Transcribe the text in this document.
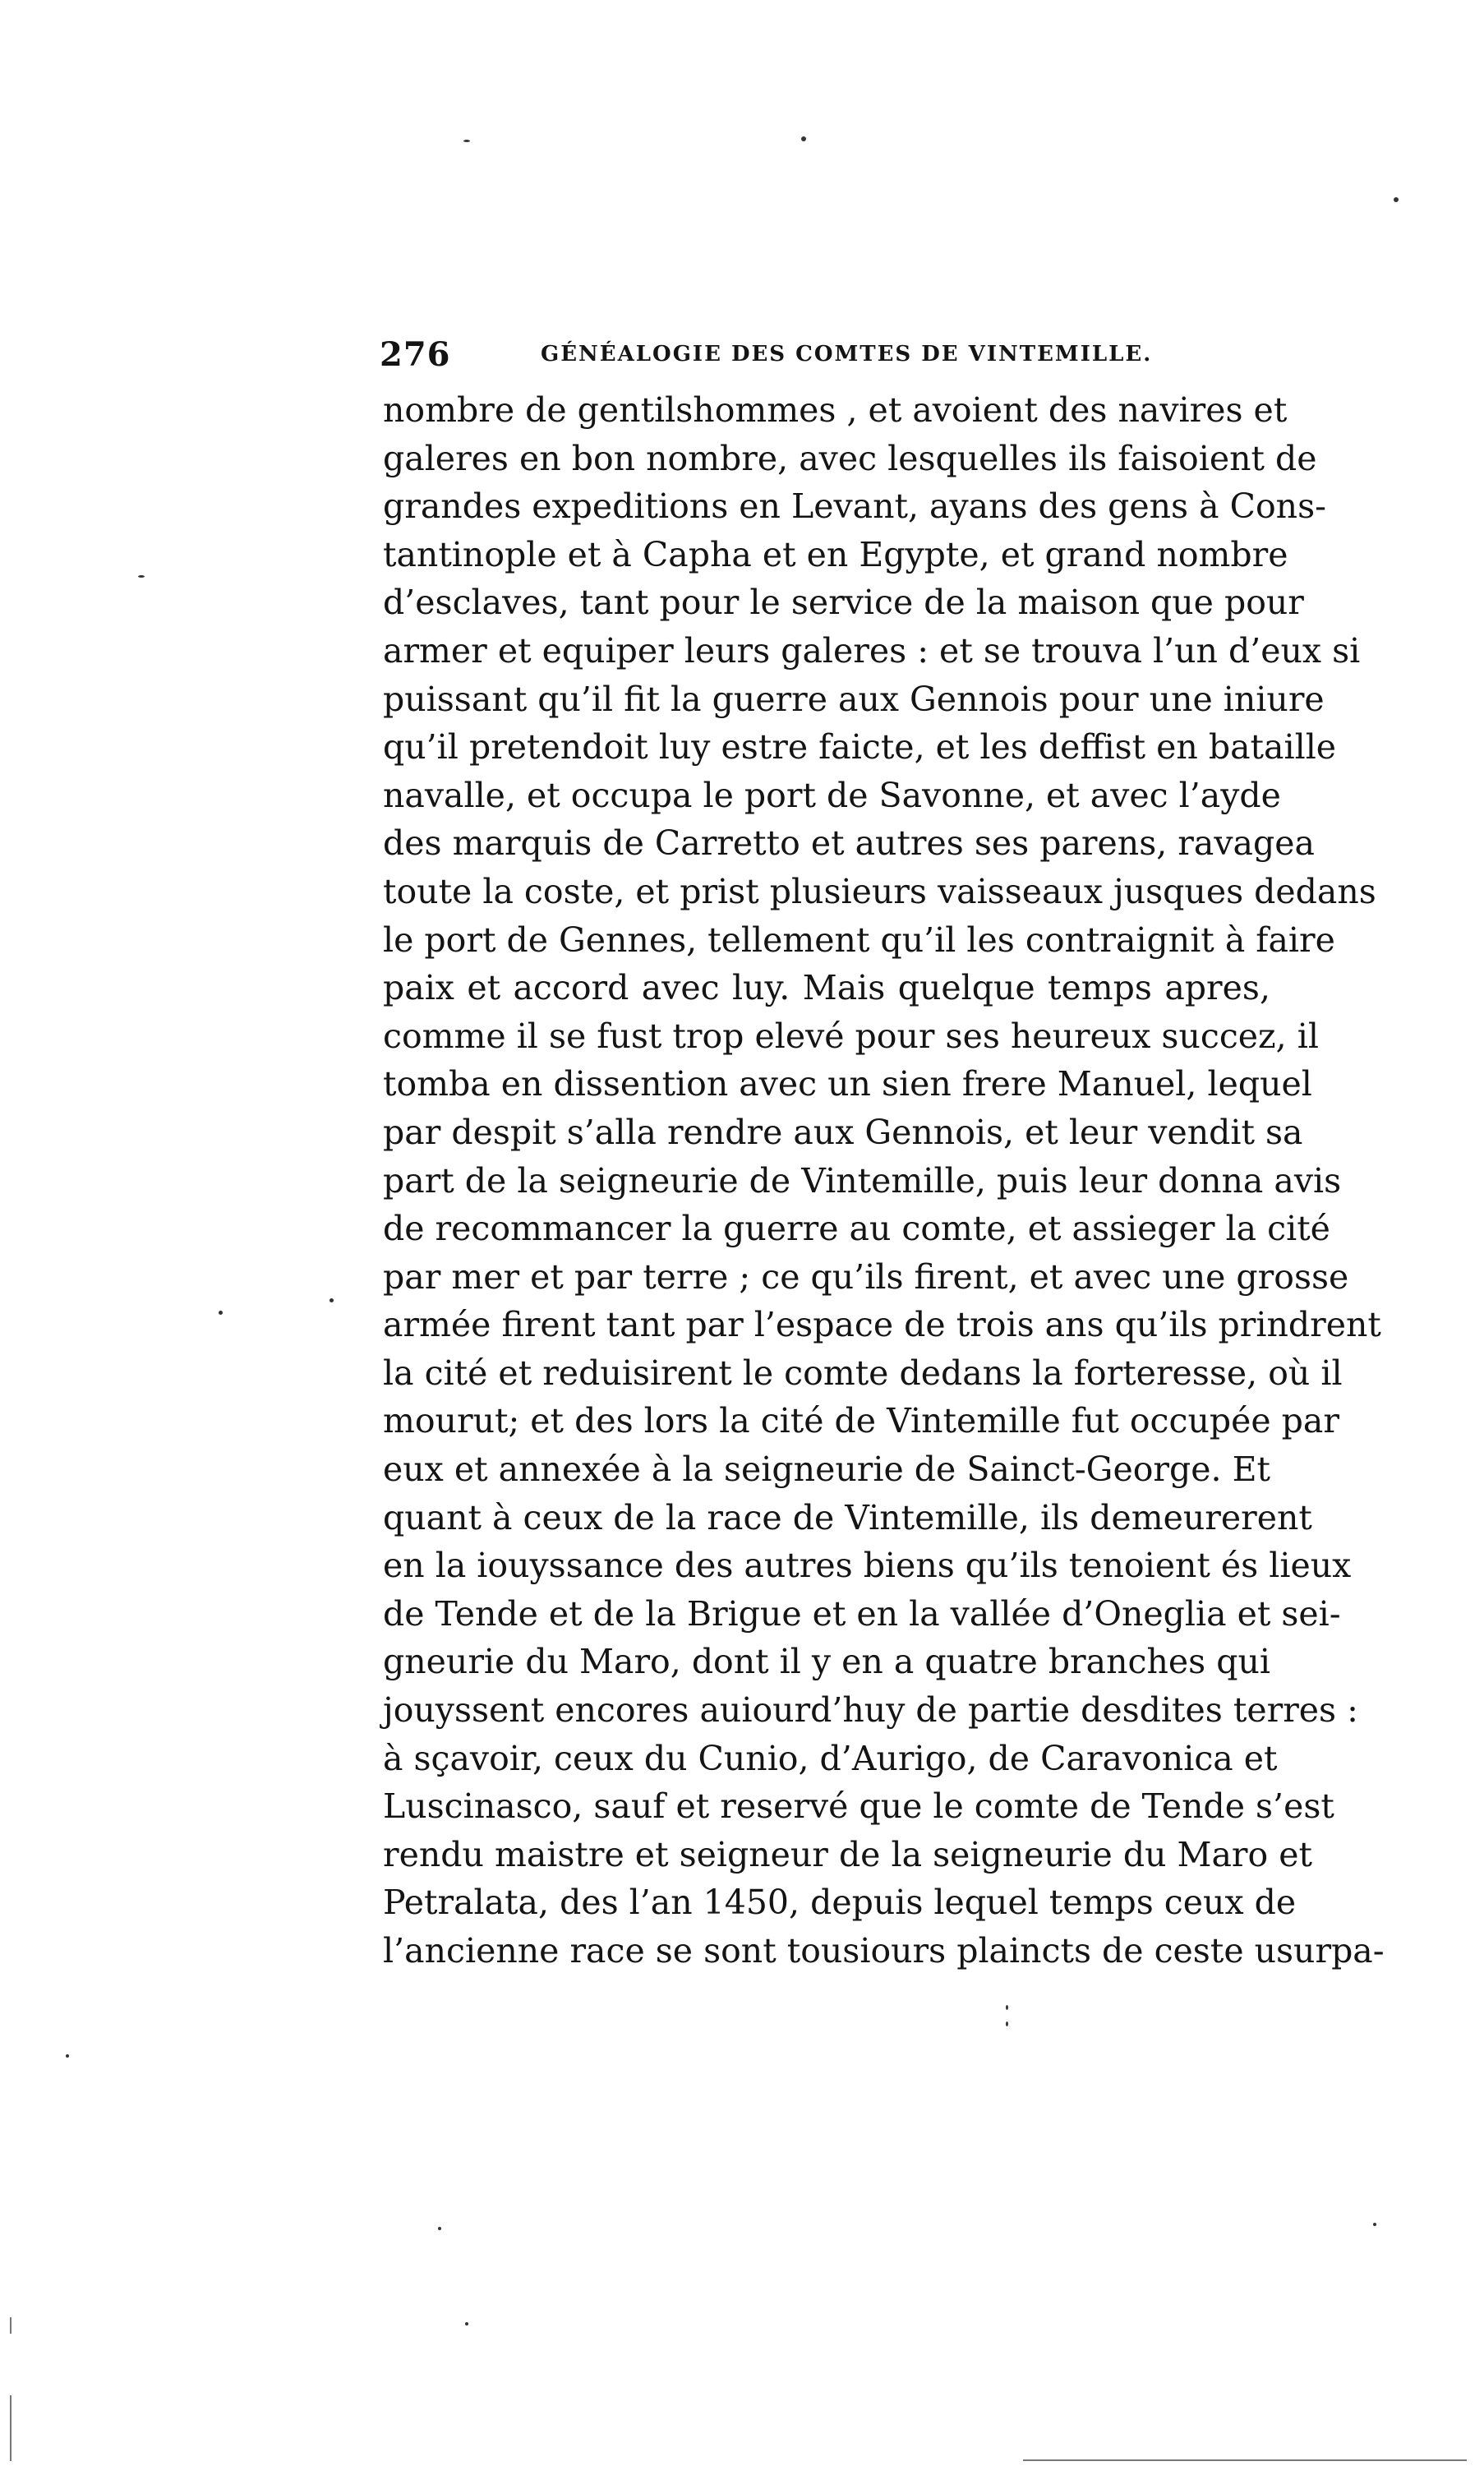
276	GÉNÉALOGIE DES COMTES DE VINTEMILLE.
nombre de gentilshommes , et avoient des navires et
galeres en bon nombre, avec lesquelles ils faisoient de
grandes expeditions en Levant, ayans des gens à Cons-
tantinople et à Capha et en Egypte, et grand nombre
d’esclaves, tant pour le service de la maison que pour
armer et equiper leurs galeres : et se trouva l’un d’eux si
puissant qu’il fit la guerre aux Gennois pour une iniure
qu’il pretendoit luy estre faicte, et les deffist en bataille
navalle, et occupa le port de Savonne, et avec l’ayde
des marquis de Carretto et autres ses parens, ravagea
toute la coste, et prist plusieurs vaisseaux jusques dedans
le port de Gennes, tellement qu’il les contraignit à faire
paix et accord avec luy. Mais quelque temps apres,
comme il se fust trop elevé pour ses heureux succez, il
tomba en dissention avec un sien frere Manuel, lequel
par despit s’alla rendre aux Gennois, et leur vendit sa
part de la seigneurie de Vintemille, puis leur donna avis
de recommancer la guerre au comte, et assieger la cité
par mer et par terre ; ce qu’ils firent, et avec une grosse
armée firent tant par l’espace de trois ans qu’ils prindrent
la cité et reduisirent le comte dedans la forteresse, où il
mourut; et des lors la cité de Vintemille fut occupée par
eux et annexée à la seigneurie de Sainct-George. Et
quant à ceux de la race de Vintemille, ils demeurerent
en la iouyssance des autres biens qu’ils tenoient és lieux
de Tende et de la Brigue et en la vallée d’Oneglia et sei-
gneurie du Maro, dont il y en a quatre branches qui
jouyssent encores auiourd’huy de partie desdites terres :
à sçavoir, ceux du Cunio, d’Aurigo, de Caravonica et
Luscinasco, sauf et reservé que le comte de Tende s’est
rendu maistre et seigneur de la seigneurie du Maro et
Petralata, des l’an 1450, depuis lequel temps ceux de
l’ancienne race se sont tousiours plaincts de ceste usurpa-
